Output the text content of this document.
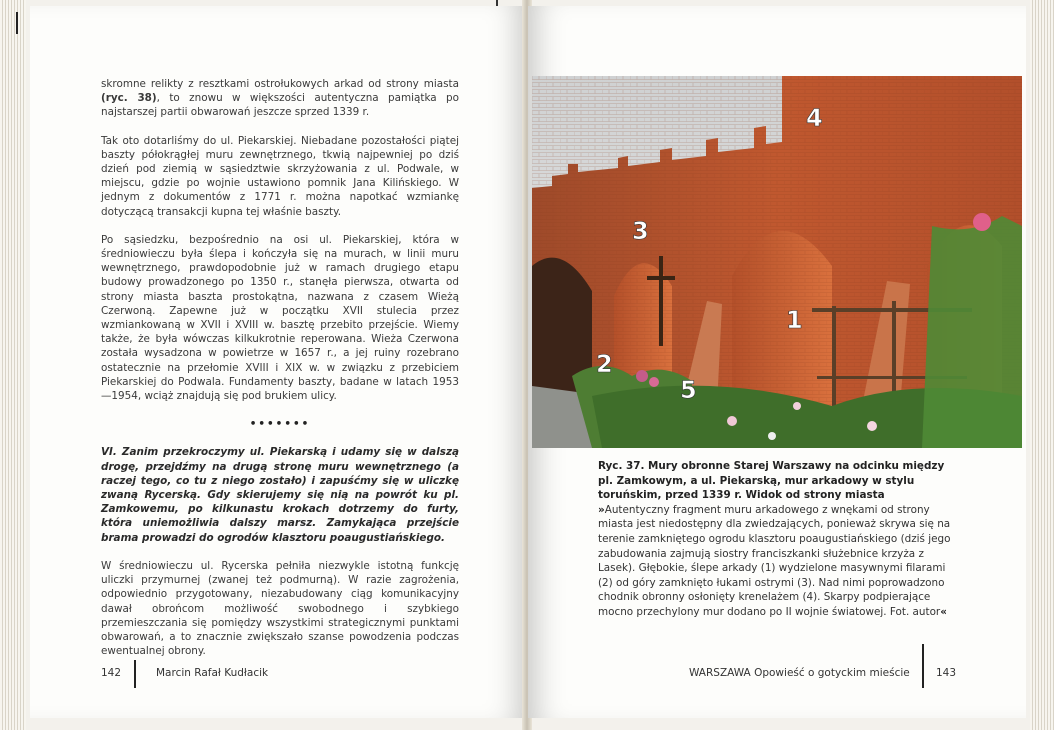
skromne relikty z resztkami ostrołukowych arkad od strony miasta (ryc. 38), to znowu w większości autentyczna pamiątka po najstarszej partii obwarowań jeszcze sprzed 1339 r.

Tak oto dotarliśmy do ul. Piekarskiej. Niebadane pozostałości piątej baszty półokrągłej muru zewnętrznego, tkwią najpewniej po dziś dzień pod ziemią w sąsiedztwie skrzyżowania z ul. Podwale, w miejscu, gdzie po wojnie ustawiono pomnik Jana Kilińskiego. W jednym z dokumentów z 1771 r. można napotkać wzmiankę dotyczącą transakcji kupna tej właśnie baszty.

Po sąsiedzku, bezpośrednio na osi ul. Piekarskiej, która w średniowieczu była ślepa i kończyła się na murach, w linii muru wewnętrznego, prawdopodobnie już w ramach drugiego etapu budowy prowadzonego po 1350 r., stanęła pierwsza, otwarta od strony miasta baszta prostokątna, nazwana z czasem Wieżą Czerwoną. Zapewne już w początku XVII stulecia przez wzmiankowaną w XVII i XVIII w. basztę przebito przejście. Wiemy także, że była wówczas kilkukrotnie reperowana. Wieża Czerwona została wysadzona w powietrze w 1657 r., a jej ruiny rozebrano ostatecznie na przełomie XVIII i XIX w. w związku z przebiciem Piekarskiej do Podwala. Fundamenty baszty, badane w latach 1953—1954, wciąż znajdują się pod brukiem ulicy.

•••••••

VI. Zanim przekroczymy ul. Piekarską i udamy się w dalszą drogę, przejdźmy na drugą stronę muru wewnętrznego (a raczej tego, co tu z niego zostało) i zapuśćmy się w uliczkę zwaną Rycerską. Gdy skierujemy się nią na powrót ku pl. Zamkowemu, po kilkunastu krokach dotrzemy do furty, która uniemożliwia dalszy marsz. Zamykająca przejście brama prowadzi do ogrodów klasztoru poaugustiańskiego.

W średniowieczu ul. Rycerska pełniła niezwykle istotną funkcję uliczki przymurnej (zwanej też podmurną). W razie zagrożenia, odpowiednio przygotowany, niezabudowany ciąg komunikacyjny dawał obrońcom możliwość swobodnego i szybkiego przemieszczania się pomiędzy wszystkimi strategicznymi punktami obwarowań, a to znacznie zwiększało szanse powodzenia podczas ewentualnej obrony.

142	Marcin Rafał Kudłacik
1
2
3
4
5
Ryc. 37. Mury obronne Starej Warszawy na odcinku między pl. Zamkowym, a ul. Piekarską, mur arkadowy w stylu toruńskim, przed 1339 r. Widok od strony miasta »Autentyczny fragment muru arkadowego z wnękami od strony miasta jest niedostępny dla zwiedzających, ponieważ skrywa się na terenie zamkniętego ogrodu klasztoru poaugustiańskiego (dziś jego zabudowania zajmują siostry franciszkanki służebnice krzyża z Lasek). Głębokie, ślepe arkady (1) wydzielone masywnymi filarami (2) od góry zamknięto łukami ostrymi (3). Nad nimi poprowadzono chodnik obronny osłonięty krenelażem (4). Skarpy podpierające mocno przechylony mur dodano po II wojnie światowej. Fot. autor«
WARSZAWA Opowieść o gotyckim mieście	143
